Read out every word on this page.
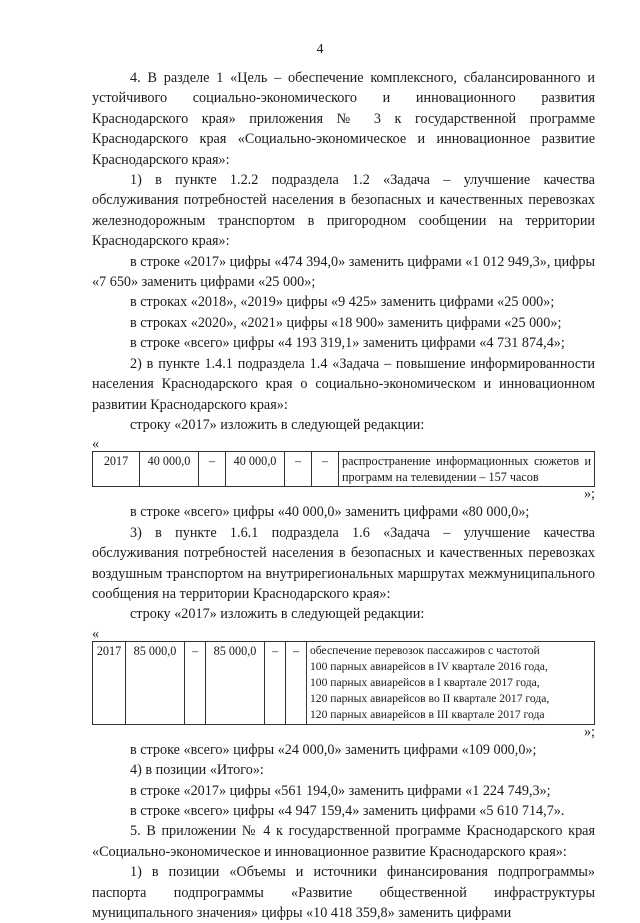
4

4. В разделе 1 «Цель – обеспечение комплексного, сбалансированного и устойчивого социально-экономического и инновационного развития Краснодарского края» приложения № 3 к государственной программе Краснодарского края «Социально-экономическое и инновационное развитие Краснодарского края»:

1) в пункте 1.2.2 подраздела 1.2 «Задача – улучшение качества обслуживания потребностей населения в безопасных и качественных перевозках железнодорожным транспортом в пригородном сообщении на территории Краснодарского края»:

в строке «2017» цифры «474 394,0» заменить цифрами «1 012 949,3», цифры «7 650» заменить цифрами «25 000»;

в строках «2018», «2019» цифры «9 425» заменить цифрами «25 000»;

в строках «2020», «2021» цифры «18 900» заменить цифрами «25 000»;

в строке «всего» цифры «4 193 319,1» заменить цифрами «4 731 874,4»;

2) в пункте 1.4.1 подраздела 1.4 «Задача – повышение информированности населения Краснодарского края о социально-экономическом и инновационном развитии Краснодарского края»:

строку «2017» изложить в следующей редакции:

«

2017	40 000,0	–	40 000,0	–	–	распространение информационных сюжетов и программ на телевидении – 157 часов

»;

в строке «всего» цифры «40 000,0» заменить цифрами «80 000,0»;

3) в пункте 1.6.1 подраздела 1.6 «Задача – улучшение качества обслуживания потребностей населения в безопасных и качественных перевозках воздушным транспортом на внутрирегиональных маршрутах межмуниципального сообщения на территории Краснодарского края»:

строку «2017» изложить в следующей редакции:

«

2017	85 000,0	–	85 000,0	–	–	обеспечение перевозок пассажиров с частотой
100 парных авиарейсов в IV квартале 2016 года,
100 парных авиарейсов в I квартале 2017 года,
120 парных авиарейсов во II квартале 2017 года,
120 парных авиарейсов в III квартале 2017 года

»;

в строке «всего» цифры «24 000,0» заменить цифрами «109 000,0»;

4) в позиции «Итого»:

в строке «2017» цифры «561 194,0» заменить цифрами «1 224 749,3»;

в строке «всего» цифры «4 947 159,4» заменить цифрами «5 610 714,7».

5. В приложении № 4 к государственной программе Краснодарского края «Социально-экономическое и инновационное развитие Краснодарского края»:

1) в позиции «Объемы и источники финансирования подпрограммы» паспорта подпрограммы «Развитие общественной инфраструктуры муниципального значения» цифры «10 418 359,8» заменить цифрами
